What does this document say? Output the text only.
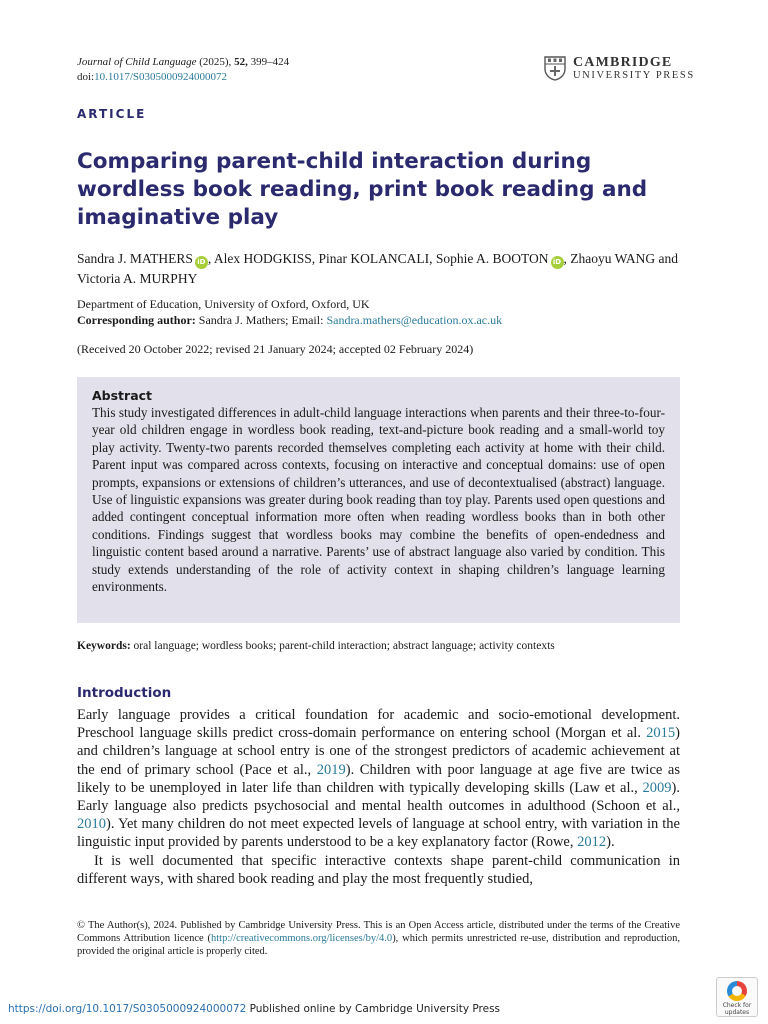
Journal of Child Language (2025), 52, 399–424
doi:10.1017/S0305000924000072
CAMBRIDGE
UNIVERSITY PRESS
ARTICLE
Comparing parent-child interaction during wordless book reading, print book reading and imaginative play
Sandra J. MATHERS iD , Alex HODGKISS, Pinar KOLANCALI, Sophie A. BOOTON iD , Zhaoyu WANG and Victoria A. MURPHY
Department of Education, University of Oxford, Oxford, UK
Corresponding author: Sandra J. Mathers; Email: Sandra.mathers@education.ox.ac.uk
(Received 20 October 2022; revised 21 January 2024; accepted 02 February 2024)
Abstract
This study investigated differences in adult-child language interactions when parents and their three-to-four-year old children engage in wordless book reading, text-and-picture book reading and a small-world toy play activity. Twenty-two parents recorded themselves completing each activity at home with their child. Parent input was compared across contexts, focusing on interactive and conceptual domains: use of open prompts, expansions or extensions of children’s utterances, and use of decontextualised (abstract) language. Use of linguistic expansions was greater during book reading than toy play. Parents used open questions and added contingent conceptual information more often when reading wordless books than in both other conditions. Findings suggest that wordless books may combine the benefits of open-endedness and linguistic content based around a narrative. Parents’ use of abstract language also varied by condition. This study extends understanding of the role of activity context in shaping children’s language learning environments.
Keywords: oral language; wordless books; parent-child interaction; abstract language; activity contexts
Introduction

Early language provides a critical foundation for academic and socio-emotional development. Preschool language skills predict cross-domain performance on entering school (Morgan et al. 2015) and children’s language at school entry is one of the strongest predictors of academic achievement at the end of primary school (Pace et al., 2019). Children with poor language at age five are twice as likely to be unemployed in later life than children with typically developing skills (Law et al., 2009). Early language also predicts psychosocial and mental health outcomes in adulthood (Schoon et al., 2010). Yet many children do not meet expected levels of language at school entry, with variation in the linguistic input provided by parents understood to be a key explanatory factor (Rowe, 2012).

It is well documented that specific interactive contexts shape parent-child communication in different ways, with shared book reading and play the most frequently studied,

© The Author(s), 2024. Published by Cambridge University Press. This is an Open Access article, distributed under the terms of the Creative Commons Attribution licence (http://creativecommons.org/licenses/by/4.0), which permits unrestricted re-use, distribution and reproduction, provided the original article is properly cited.
https://doi.org/10.1017/S0305000924000072 Published online by Cambridge University Press	Check for
updates
